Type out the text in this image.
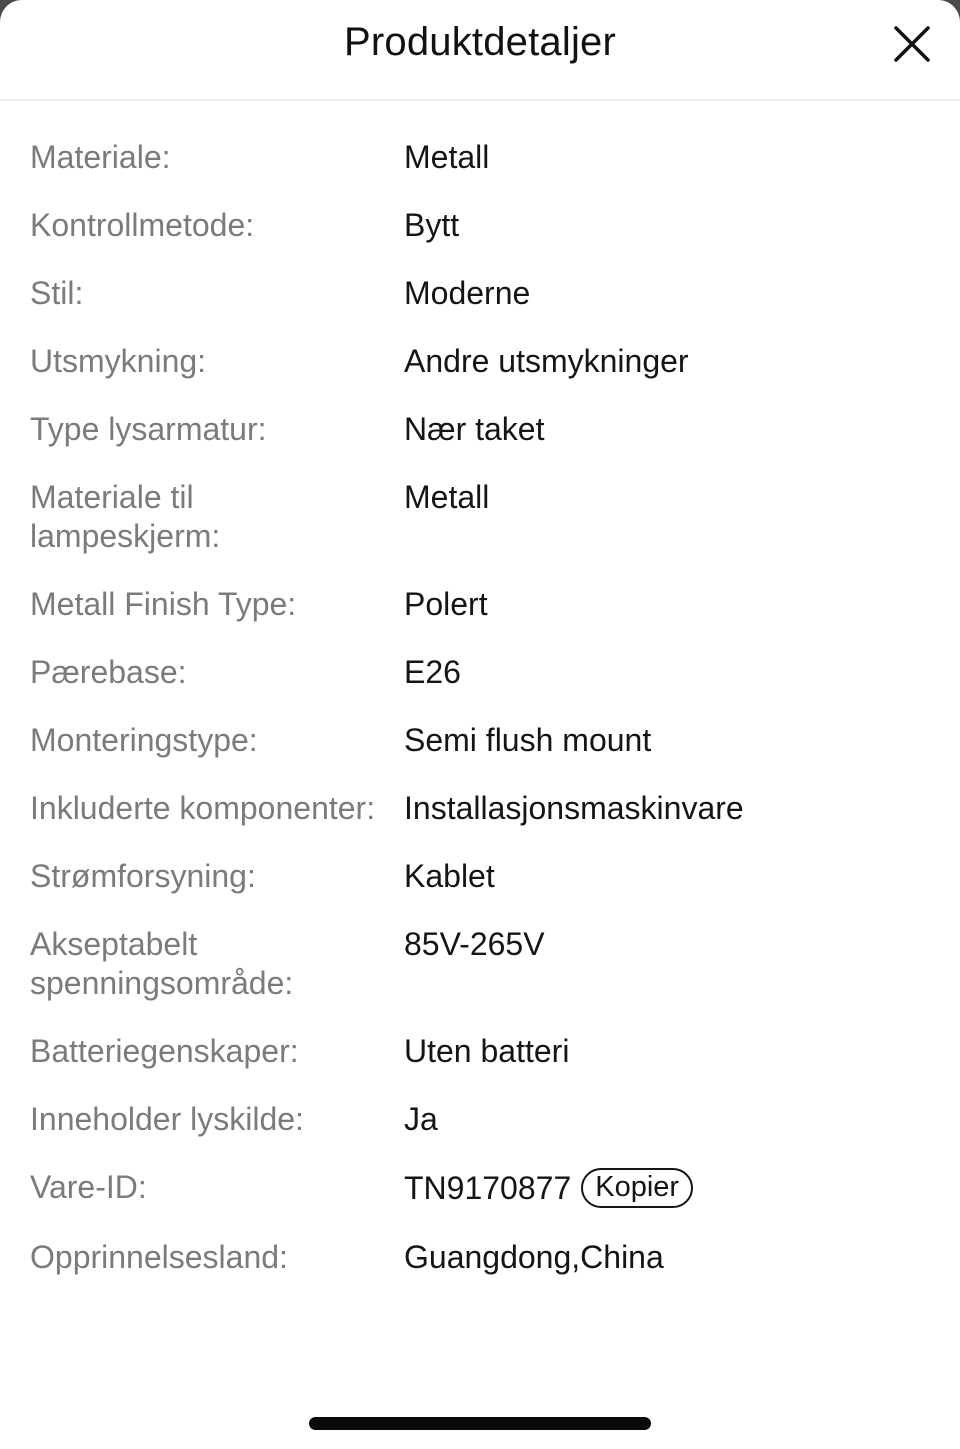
Produktdetaljer
Materiale:	Metall
Kontrollmetode:	Bytt
Stil:	Moderne
Utsmykning:	Andre utsmykninger
Type lysarmatur:	Nær taket
Materiale til lampeskjerm:
Metall
Metall Finish Type:	Polert
Pærebase:	E26
Monteringstype:	Semi flush mount
Inkluderte komponenter: Installasjonsmaskinvare
Strømforsyning:	Kablet
Akseptabelt spenningsområde:
85V-265V
Batteriegenskaper:	Uten batteri
Inneholder lyskilde:	Ja
Vare-ID:	TN9170877 Kopier
Opprinnelsesland:	Guangdong,China
